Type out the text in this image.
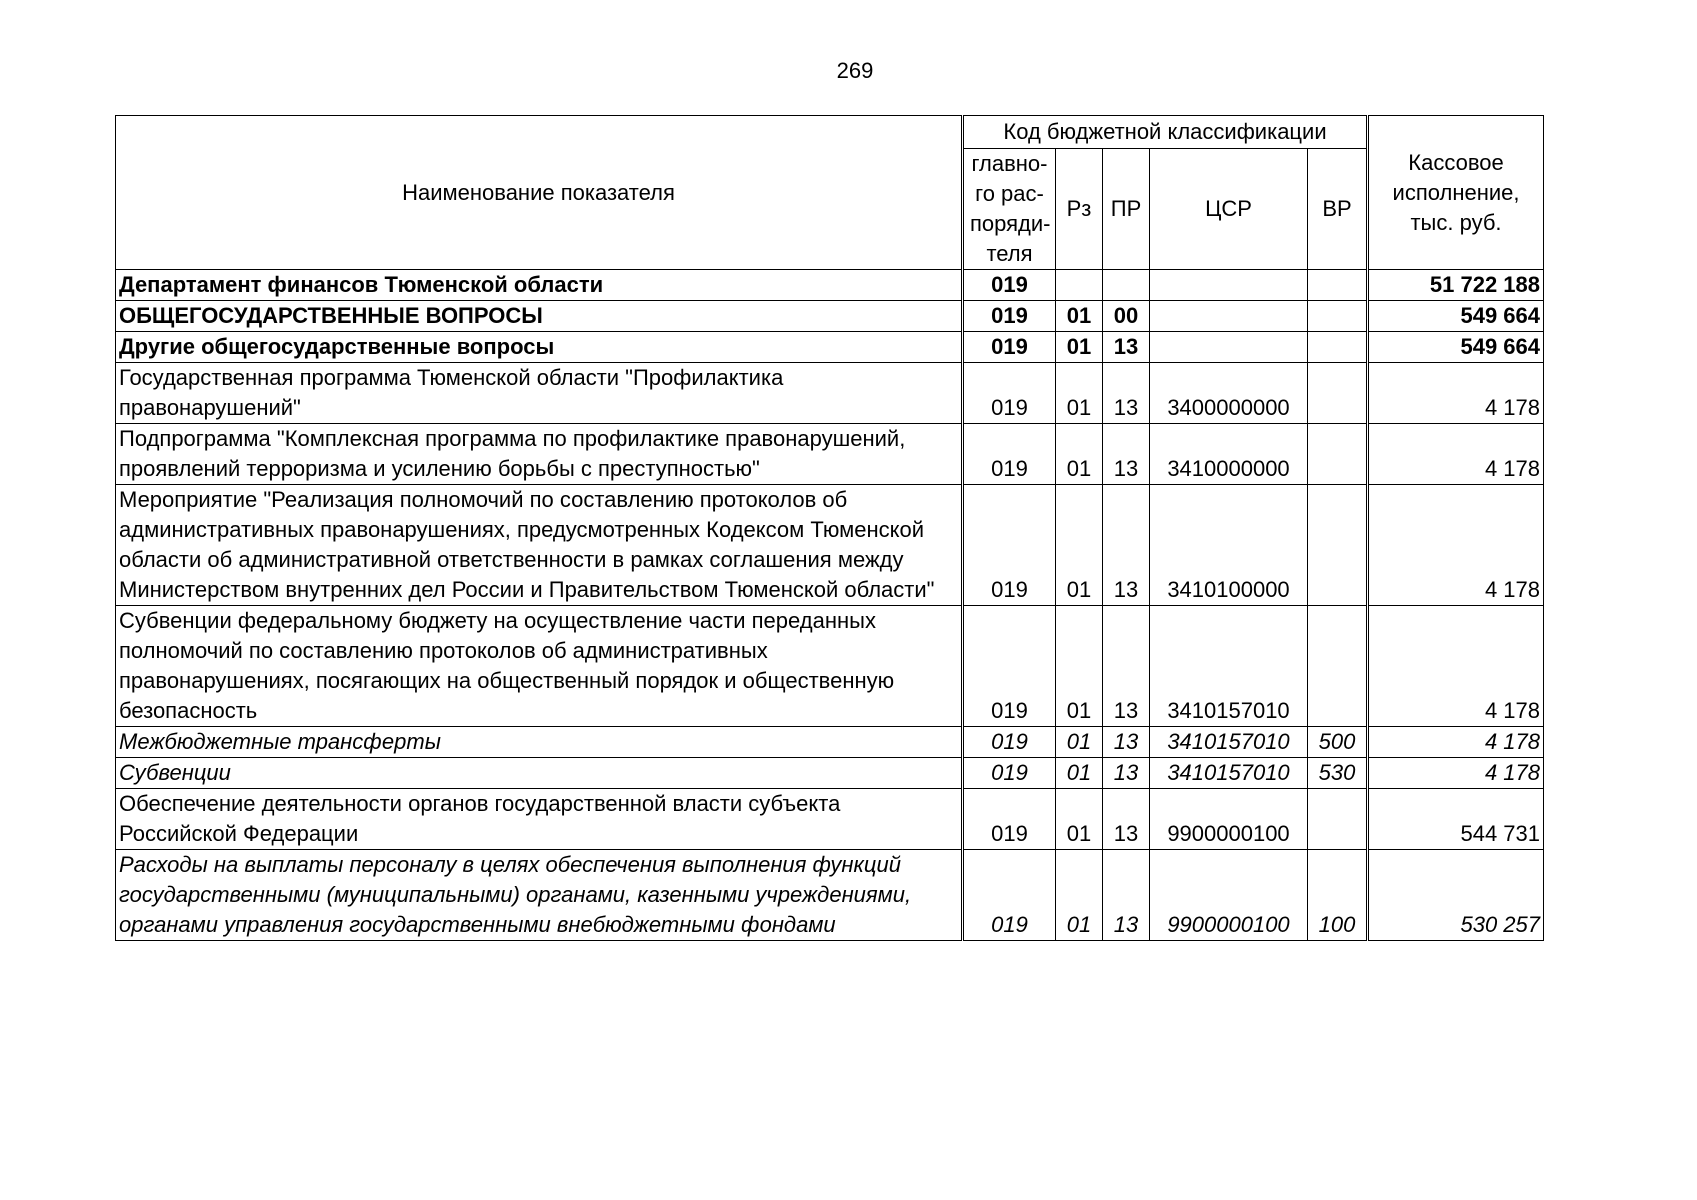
269
Наименование показателя	Код бюджетной классификации					Кассовое исполнение, тыс. руб.
	главно-го рас-поряди-теля	Рз	ПР	ЦСР	ВР	
Департамент финансов Тюменской области	019					51 722 188
ОБЩЕГОСУДАРСТВЕННЫЕ ВОПРОСЫ	019	01	00			549 664
Другие общегосударственные вопросы	019	01	13			549 664
Государственная программа Тюменской области "Профилактика правонарушений"	019	01	13	3400000000		4 178
Подпрограмма "Комплексная программа по профилактике правонарушений, проявлений терроризма и усилению борьбы с преступностью"	019	01	13	3410000000		4 178
Мероприятие "Реализация полномочий по составлению протоколов об административных правонарушениях, предусмотренных Кодексом Тюменской области об административной ответственности в рамках соглашения между Министерством внутренних дел России и Правительством Тюменской области"	019	01	13	3410100000		4 178
Субвенции федеральному бюджету на осуществление части переданных полномочий по составлению протоколов об административных правонарушениях, посягающих на общественный порядок и общественную безопасность	019	01	13	3410157010		4 178
Межбюджетные трансферты	019	01	13	3410157010	500	4 178
Субвенции	019	01	13	3410157010	530	4 178
Обеспечение деятельности органов государственной власти субъекта Российской Федерации	019	01	13	9900000100		544 731
Расходы на выплаты персоналу в целях обеспечения выполнения функций государственными (муниципальными) органами, казенными учреждениями, органами управления государственными внебюджетными фондами	019	01	13	9900000100	100	530 257
